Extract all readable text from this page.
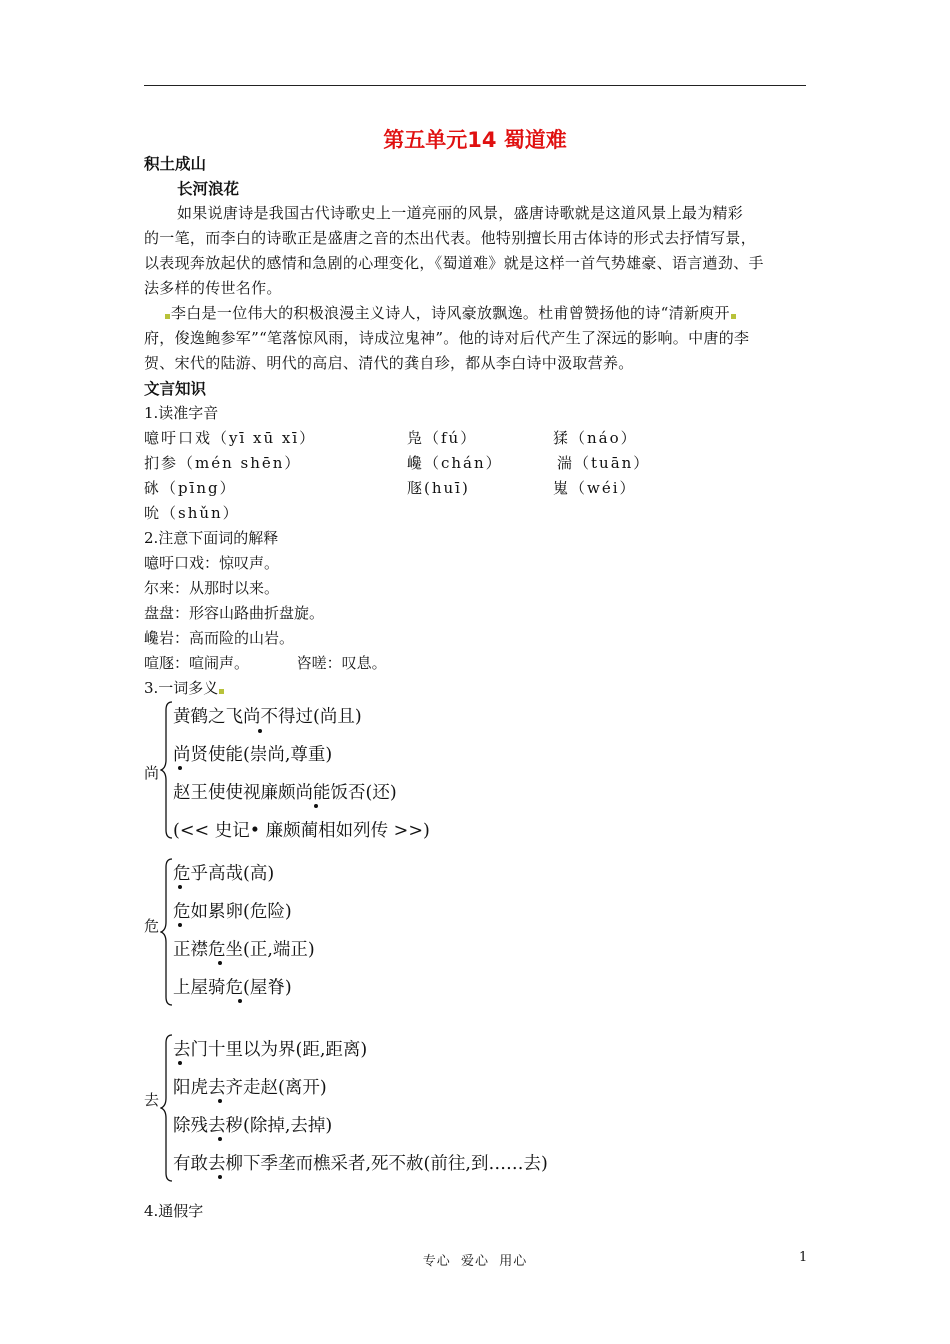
第五单元14 蜀道难
积土成山
长河浪花
如果说唐诗是我国古代诗歌史上一道亮丽的风景，盛唐诗歌就是这道风景上最为精彩
的一笔，而李白的诗歌正是盛唐之音的杰出代表。他特别擅长用古体诗的形式去抒情写景，
以表现奔放起伏的感情和急剧的心理变化，《蜀道难》就是这样一首气势雄豪、语言遒劲、手
法多样的传世名作。
李白是一位伟大的积极浪漫主义诗人，诗风豪放飘逸。杜甫曾赞扬他的诗“清新庾开
府，俊逸鲍参军”“笔落惊风雨，诗成泣鬼神”。他的诗对后代产生了深远的影响。中唐的李
贺、宋代的陆游、明代的高启、清代的龚自珍，都从李白诗中汲取营养。
文言知识
1.读准字音
噫吁口戏（yī xū xī）	凫（fú）	猱（náo）
扪参（mén shēn）	巉（chán）	湍（tuān）
砯（pīng）	豗(huī)	嵬（wéi）
吮（shǔn）
2.注意下面词的解释
噫吁口戏：惊叹声。
尔来：从那时以来。
盘盘：形容山路曲折盘旋。
巉岩：高而险的山岩。
喧豗：喧闹声。          咨嗟：叹息。
3.一词多义
尚
黄鹤之飞尚不得过(尚且)
尚贤使能(崇尚,尊重)
赵王使使视廉颇尚能饭否(还)
(<< 史记• 廉颇蔺相如列传 >>)
危
危乎高哉(高)
危如累卵(危险)
正襟危坐(正,端正)
上屋骑危(屋脊)
去
去门十里以为界(距,距离)
阳虎去齐走赵(离开)
除残去秽(除掉,去掉)
有敢去柳下季垄而樵采者,死不赦(前往,到……去)
4.通假字
专心  爱心  用心	1
